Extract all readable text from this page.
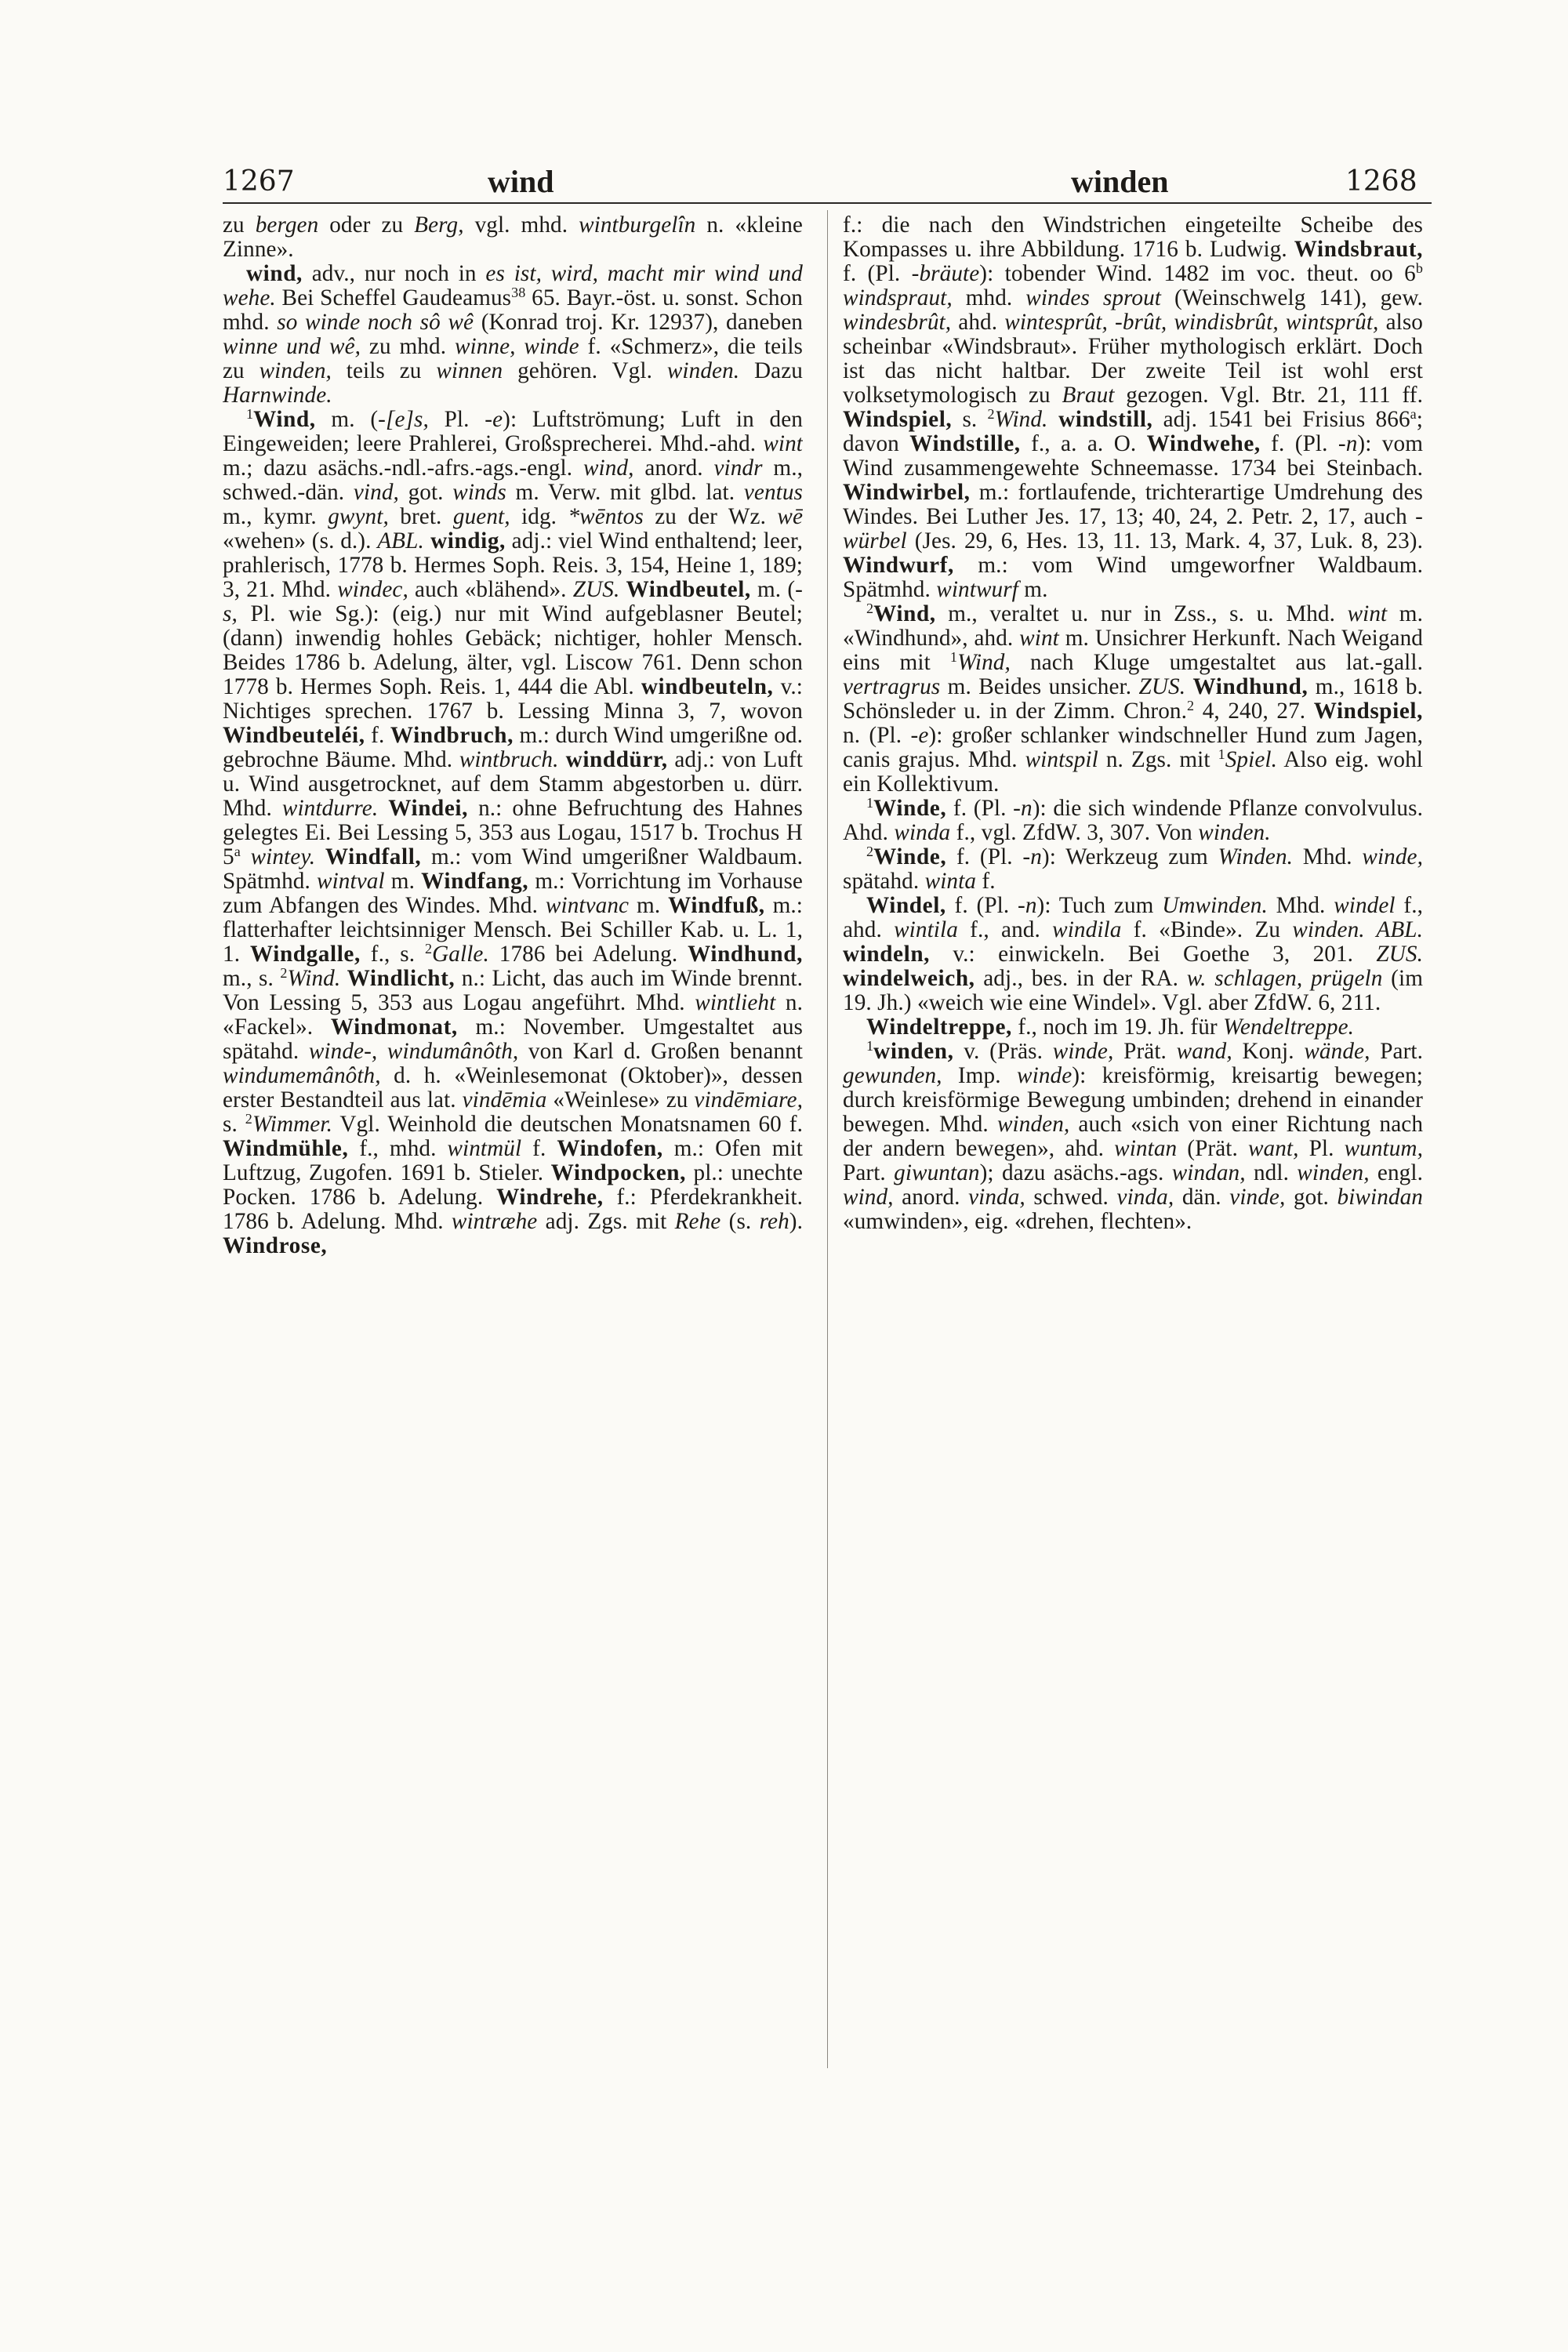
1267	wind	winden	1268

zu bergen oder zu Berg, vgl. mhd. wintburgelîn n. «kleine Zinne».

wind, adv., nur noch in es ist, wird, macht mir wind und wehe. Bei Scheffel Gaudeamus$^{38}$ 65. Bayr.-öst. u. sonst. Schon mhd. so winde noch sô wê (Konrad troj. Kr. 12937), daneben winne und wê, zu mhd. winne, winde f. «Schmerz», die teils zu winden, teils zu winnen gehören. Vgl. winden. Dazu Harnwinde.

$^1$Wind, m. (-[e]s, Pl. -e): Luftströmung; Luft in den Eingeweiden; leere Prahlerei, Großsprecherei. Mhd.-ahd. wint m.; dazu asächs.-ndl.-afrs.-ags.-engl. wind, anord. vindr m., schwed.-dän. vind, got. winds m. Verw. mit glbd. lat. ventus m., kymr. gwynt, bret. guent, idg. *wēntos zu der Wz. wē «wehen» (s. d.). ABL. windig, adj.: viel Wind enthaltend; leer, prahlerisch, 1778 b. Hermes Soph. Reis. 3, 154, Heine 1, 189; 3, 21. Mhd. windec, auch «blähend». ZUS. Windbeutel, m. (-s, Pl. wie Sg.): (eig.) nur mit Wind aufgeblasner Beutel; (dann) inwendig hohles Gebäck; nichtiger, hohler Mensch. Beides 1786 b. Adelung, älter, vgl. Liscow 761. Denn schon 1778 b. Hermes Soph. Reis. 1, 444 die Abl. windbeuteln, v.: Nichtiges sprechen. 1767 b. Lessing Minna 3, 7, wovon Windbeuteléi, f. Windbruch, m.: durch Wind umgerißne od. gebrochne Bäume. Mhd. wintbruch. winddürr, adj.: von Luft u. Wind ausgetrocknet, auf dem Stamm abgestorben u. dürr. Mhd. wintdurre. Windei, n.: ohne Befruchtung des Hahnes gelegtes Ei. Bei Lessing 5, 353 aus Logau, 1517 b. Trochus H 5$^a$ wintey. Windfall, m.: vom Wind umgerißner Waldbaum. Spätmhd. wintval m. Windfang, m.: Vorrichtung im Vorhause zum Abfangen des Windes. Mhd. wintvanc m. Windfuß, m.: flatterhafter leichtsinniger Mensch. Bei Schiller Kab. u. L. 1, 1. Windgalle, f., s. $^2$Galle. 1786 bei Adelung. Windhund, m., s. $^2$Wind. Windlicht, n.: Licht, das auch im Winde brennt. Von Lessing 5, 353 aus Logau angeführt. Mhd. wintlieht n. «Fackel». Windmonat, m.: November. Umgestaltet aus spätahd. winde-, windumânôth, von Karl d. Großen benannt windumemânôth, d. h. «Weinlesemonat (Oktober)», dessen erster Bestandteil aus lat. vindēmia «Weinlese» zu vindēmiare, s. $^2$Wimmer. Vgl. Weinhold die deutschen Monatsnamen 60 f. Windmühle, f., mhd. wintmül f. Windofen, m.: Ofen mit Luftzug, Zugofen. 1691 b. Stieler. Windpocken, pl.: unechte Pocken. 1786 b. Adelung. Windrehe, f.: Pferdekrankheit. 1786 b. Adelung. Mhd. wintræhe adj. Zgs. mit Rehe (s. reh). Windrose,

f.: die nach den Windstrichen eingeteilte Scheibe des Kompasses u. ihre Abbildung. 1716 b. Ludwig. Windsbraut, f. (Pl. -bräute): tobender Wind. 1482 im voc. theut. oo 6$^b$ windspraut, mhd. windes sprout (Weinschwelg 141), gew. windesbrût, ahd. wintesprût, -brût, windisbrût, wintsprût, also scheinbar «Windsbraut». Früher mythologisch erklärt. Doch ist das nicht haltbar. Der zweite Teil ist wohl erst volksetymologisch zu Braut gezogen. Vgl. Btr. 21, 111 ff. Windspiel, s. $^2$Wind. windstill, adj. 1541 bei Frisius 866$^a$; davon Windstille, f., a. a. O. Windwehe, f. (Pl. -n): vom Wind zusammengewehte Schneemasse. 1734 bei Steinbach. Windwirbel, m.: fortlaufende, trichterartige Umdrehung des Windes. Bei Luther Jes. 17, 13; 40, 24, 2. Petr. 2, 17, auch -würbel (Jes. 29, 6, Hes. 13, 11. 13, Mark. 4, 37, Luk. 8, 23). Windwurf, m.: vom Wind umgeworfner Waldbaum. Spätmhd. wintwurf m.

$^2$Wind, m., veraltet u. nur in Zss., s. u. Mhd. wint m. «Windhund», ahd. wint m. Unsichrer Herkunft. Nach Weigand eins mit $^1$Wind, nach Kluge umgestaltet aus lat.-gall. vertragrus m. Beides unsicher. ZUS. Windhund, m., 1618 b. Schönsleder u. in der Zimm. Chron.$^2$ 4, 240, 27. Windspiel, n. (Pl. -e): großer schlanker windschneller Hund zum Jagen, canis grajus. Mhd. wintspil n. Zgs. mit $^1$Spiel. Also eig. wohl ein Kollektivum.

$^1$Winde, f. (Pl. -n): die sich windende Pflanze convolvulus. Ahd. winda f., vgl. ZfdW. 3, 307. Von winden.

$^2$Winde, f. (Pl. -n): Werkzeug zum Winden. Mhd. winde, spätahd. winta f.

Windel, f. (Pl. -n): Tuch zum Umwinden. Mhd. windel f., ahd. wintila f., and. windila f. «Binde». Zu winden. ABL. windeln, v.: einwickeln. Bei Goethe 3, 201. ZUS. windelweich, adj., bes. in der RA. w. schlagen, prügeln (im 19. Jh.) «weich wie eine Windel». Vgl. aber ZfdW. 6, 211.

Windeltreppe, f., noch im 19. Jh. für Wendeltreppe.

$^1$winden, v. (Präs. winde, Prät. wand, Konj. wände, Part. gewunden, Imp. winde): kreisförmig, kreisartig bewegen; durch kreisförmige Bewegung umbinden; drehend in einander bewegen. Mhd. winden, auch «sich von einer Richtung nach der andern bewegen», ahd. wintan (Prät. want, Pl. wuntum, Part. giwuntan); dazu asächs.-ags. windan, ndl. winden, engl. wind, anord. vinda, schwed. vinda, dän. vinde, got. biwindan «umwinden», eig. «drehen, flechten».
